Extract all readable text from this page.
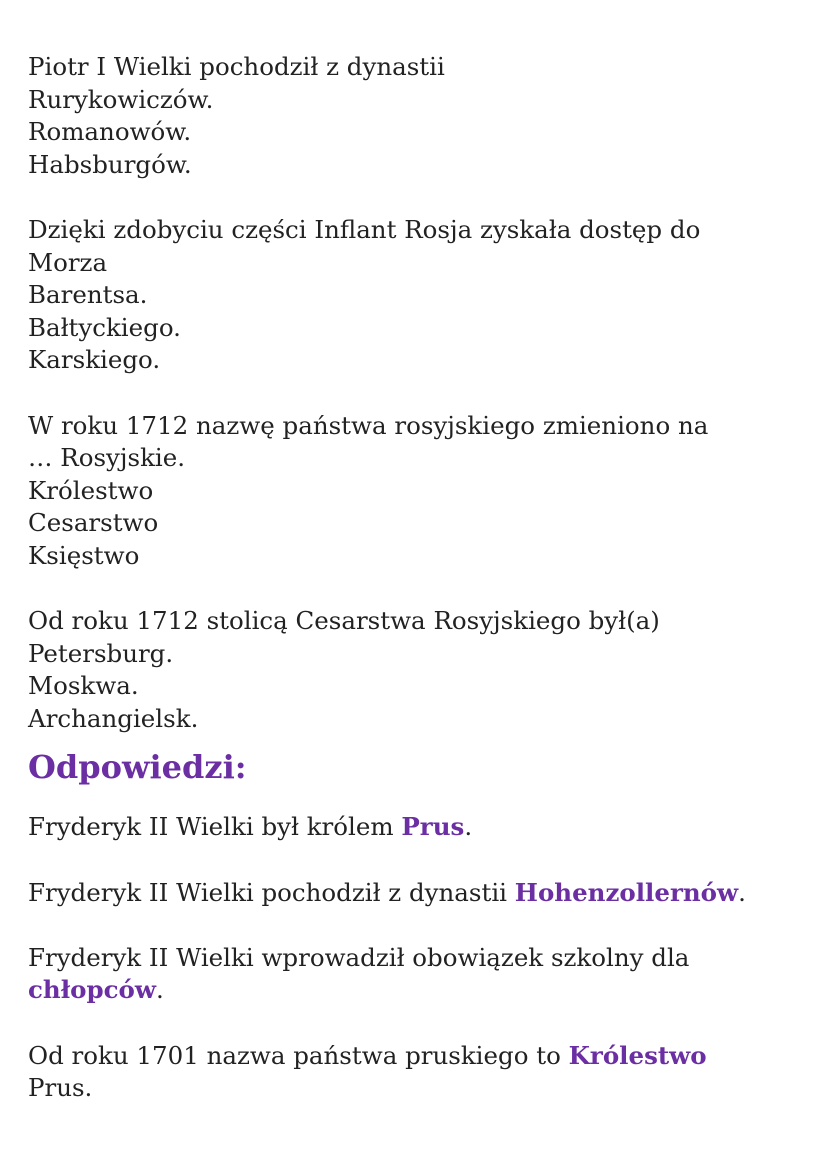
Piotr I Wielki pochodził z dynastii
Rurykowiczów.
Romanowów.
Habsburgów.
Dzięki zdobyciu części Inflant Rosja zyskała dostęp do
Morza
Barentsa.
Bałtyckiego.
Karskiego.
W roku 1712 nazwę państwa rosyjskiego zmieniono na
… Rosyjskie.
Królestwo
Cesarstwo
Księstwo
Od roku 1712 stolicą Cesarstwa Rosyjskiego był(a)
Petersburg.
Moskwa.
Archangielsk.
Odpowiedzi:
Fryderyk II Wielki był królem Prus.
Fryderyk II Wielki pochodził z dynastii Hohenzollernów.
Fryderyk II Wielki wprowadził obowiązek szkolny dla
chłopców.
Od roku 1701 nazwa państwa pruskiego to Królestwo
Prus.
